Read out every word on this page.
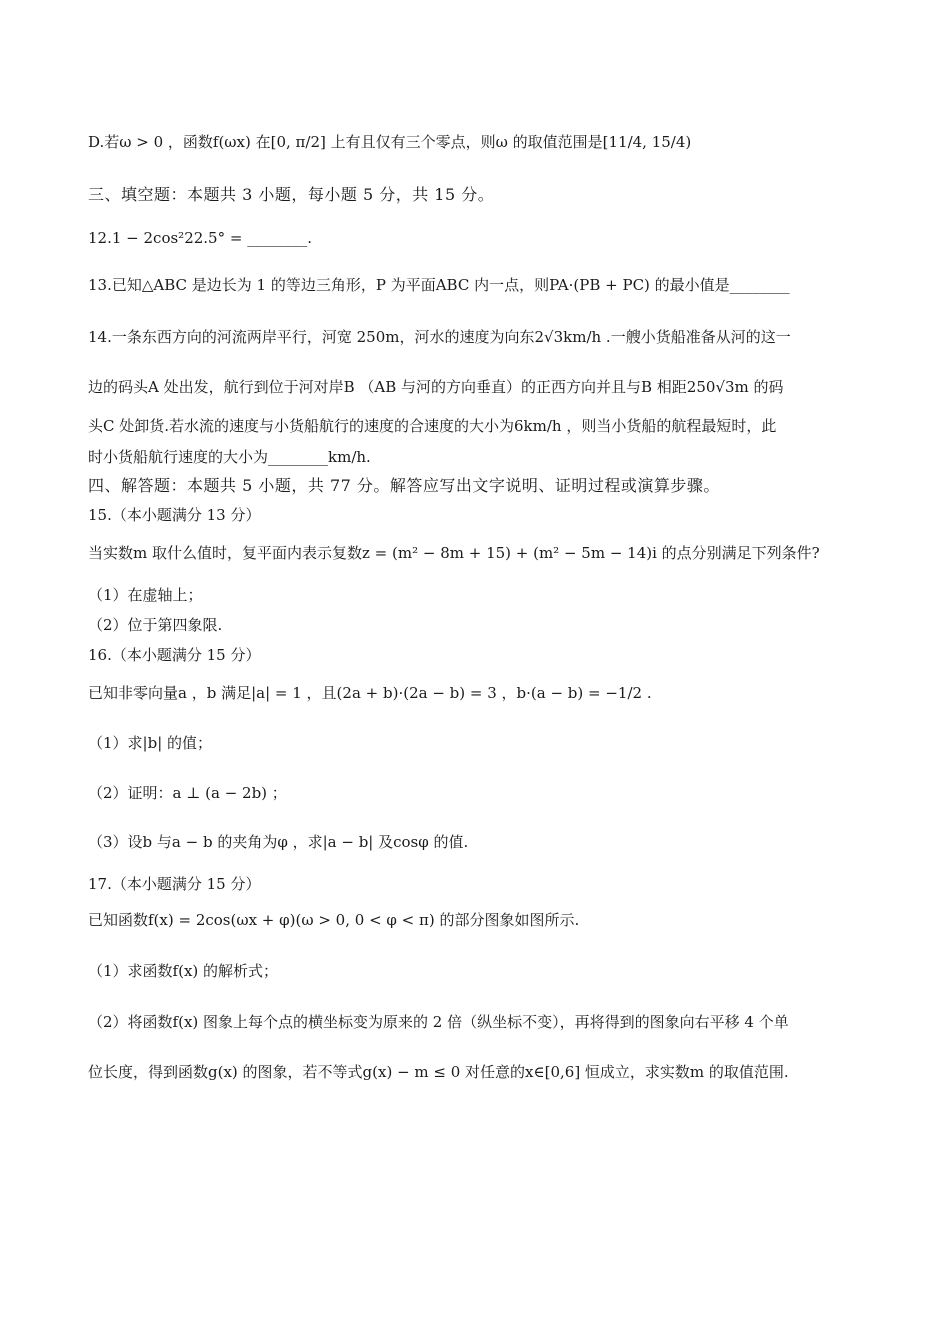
D.若ω > 0 ，函数f(ωx) 在[0, π/2] 上有且仅有三个零点，则ω 的取值范围是[11/4, 15/4)
三、填空题：本题共 3 小题，每小题 5 分，共 15 分。
12.1 − 2cos²22.5° = ________.
13.已知△ABC 是边长为 1 的等边三角形，P 为平面ABC 内一点，则PA·(PB + PC) 的最小值是________
14.一条东西方向的河流两岸平行，河宽 250m，河水的速度为向东2√3km/h .一艘小货船准备从河的这一
边的码头A 处出发，航行到位于河对岸B （AB 与河的方向垂直）的正西方向并且与B 相距250√3m 的码
头C 处卸货.若水流的速度与小货船航行的速度的合速度的大小为6km/h ，则当小货船的航程最短时，此
时小货船航行速度的大小为________km/h.
四、解答题：本题共 5 小题，共 77 分。解答应写出文字说明、证明过程或演算步骤。
15.（本小题满分 13 分）
当实数m 取什么值时，复平面内表示复数z = (m² − 8m + 15) + (m² − 5m − 14)i 的点分别满足下列条件?
（1）在虚轴上；
（2）位于第四象限.
16.（本小题满分 15 分）
已知非零向量a ，b 满足|a| = 1 ，且(2a + b)·(2a − b) = 3 ，b·(a − b) = −1/2 .
（1）求|b| 的值；
（2）证明：a ⊥ (a − 2b) ；
（3）设b 与a − b 的夹角为φ ，求|a − b| 及cosφ 的值.
17.（本小题满分 15 分）
已知函数f(x) = 2cos(ωx + φ)(ω > 0, 0 < φ < π) 的部分图象如图所示.
（1）求函数f(x) 的解析式；
（2）将函数f(x) 图象上每个点的横坐标变为原来的 2 倍（纵坐标不变），再将得到的图象向右平移 4 个单
位长度，得到函数g(x) 的图象，若不等式g(x) − m ≤ 0 对任意的x∈[0,6] 恒成立，求实数m 的取值范围.
